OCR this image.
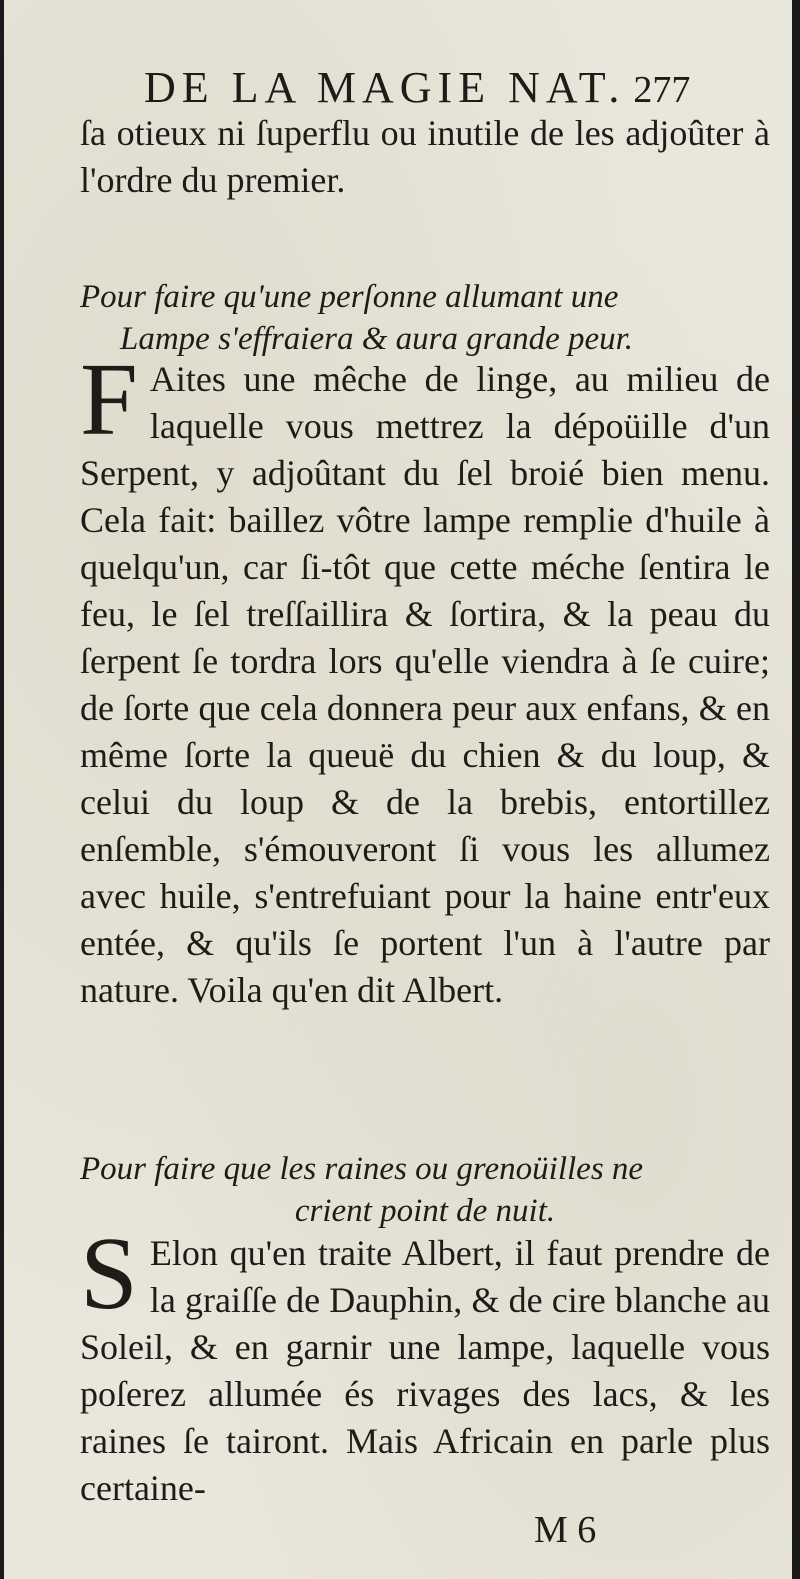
DE LA MAGIE NAT. 277

ſa otieux ni ſuperflu ou inutile de les adjoûter à l'ordre du premier.

Pour faire qu'une perſonne allumant une
Lampe s'effraiera & aura grande peur.

F Aites une mêche de linge, au milieu de laquelle vous mettrez la dépoüille d'un Serpent, y adjoûtant du ſel broié bien menu. Cela fait: baillez vôtre lampe remplie d'huile à quelqu'un, car ſi-tôt que cette méche ſentira le feu, le ſel treſſaillira & ſortira, & la peau du ſerpent ſe tordra lors qu'elle viendra à ſe cuire; de ſorte que cela donnera peur aux enfans, & en même ſorte la queuë du chien & du loup, & celui du loup & de la brebis, entortillez enſemble, s'émouveront ſi vous les allumez avec huile, s'entrefuiant pour la haine entr'eux entée, & qu'ils ſe portent l'un à l'autre par nature. Voila qu'en dit Albert.

Pour faire que les raines ou grenoüilles ne
crient point de nuit.

S Elon qu'en traite Albert, il faut prendre de la graiſſe de Dauphin, & de cire blanche au Soleil, & en garnir une lampe, laquelle vous poſerez allumée és rivages des lacs, & les raines ſe tairont. Mais Africain en parle plus certaine-

M 6
